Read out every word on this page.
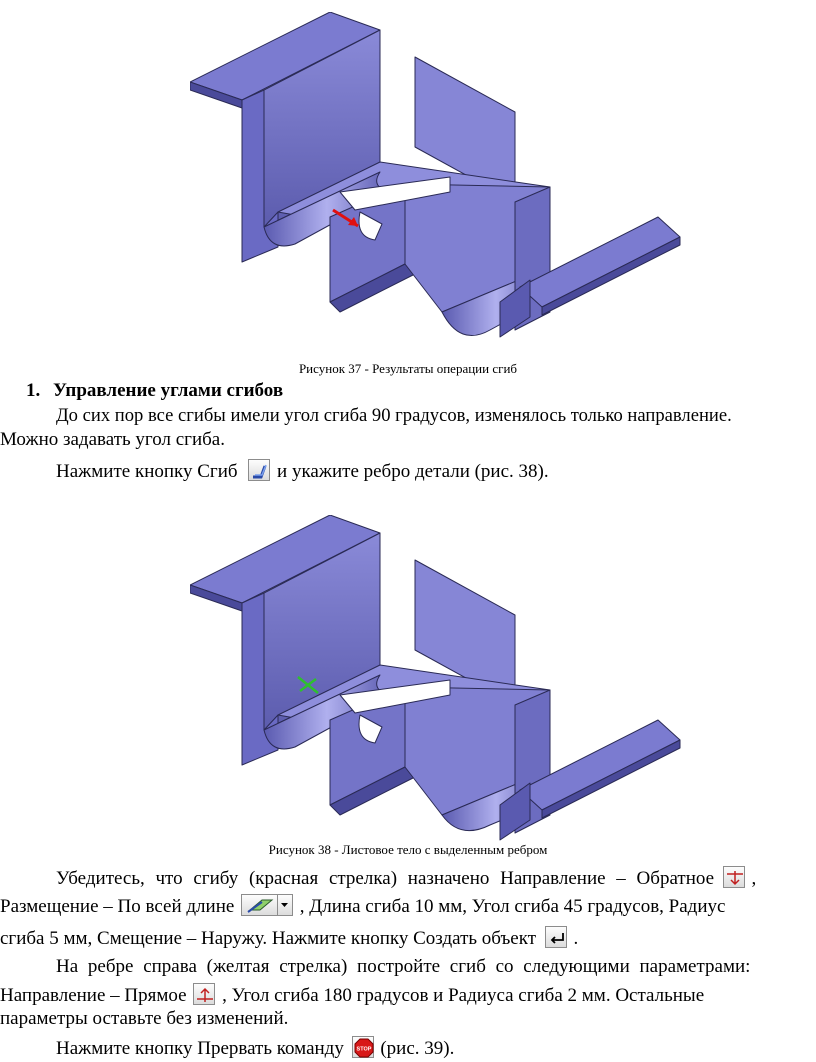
Рисунок 37 - Результаты операции сгиб
1. Управление углами сгибов
До сих пор все сгибы имели угол сгиба 90 градусов, изменялось только направление.
Можно задавать угол сгиба.
Нажмите кнопку Сгиб
и укажите ребро детали (рис. 38).
Рисунок 38 - Листовое тело с выделенным ребром
Убедитесь, что сгибу (красная стрелка) назначено Направление – Обратное ,
Размещение – По всей длине	, Длина сгиба 10 мм, Угол сгиба 45 градусов, Радиус
сгиба 5 мм, Смещение – Наружу. Нажмите кнопку Создать объект .
На ребре справа (желтая стрелка) постройте сгиб со следующими параметрами:
Направление – Прямое , Угол сгиба 180 градусов и Радиуса сгиба 2 мм. Остальные
параметры оставьте без изменений.
Нажмите кнопку Прервать команду STOP (рис. 39).
